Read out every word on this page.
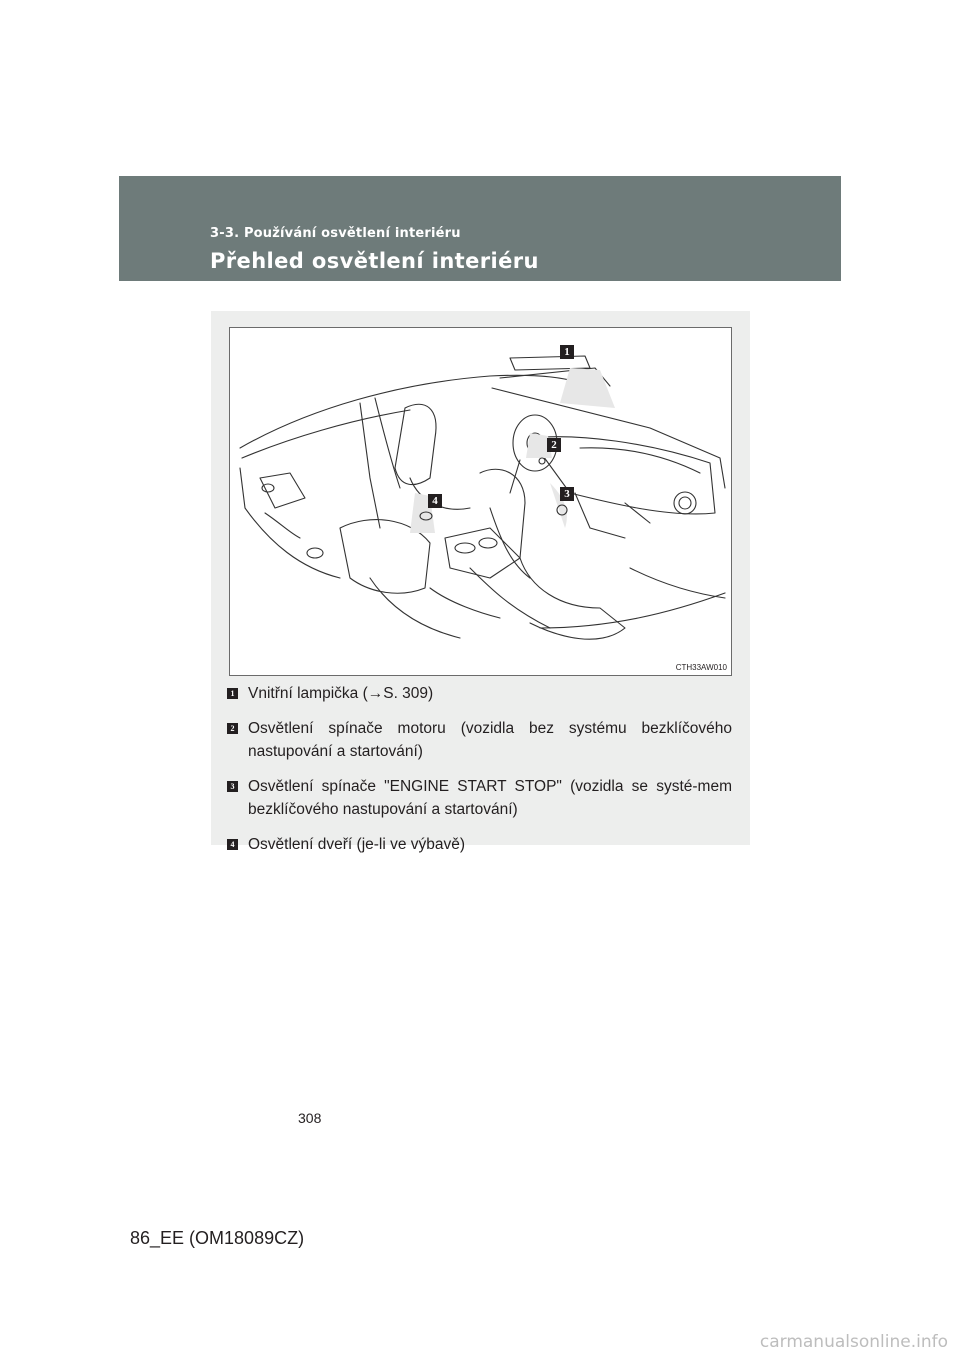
3-3. Používání osvětlení interiéru
Přehled osvětlení interiéru
1
2
3
4
CTH33AW010
1 Vnitřní lampička (→S. 309)
2 Osvětlení spínače motoru (vozidla bez systému bezklíčového nastupování a startování)
3 Osvětlení spínače "ENGINE START STOP" (vozidla se systé-mem bezklíčového nastupování a startování)
4 Osvětlení dveří (je-li ve výbavě)
308
86_EE (OM18089CZ)
carmanualsonline.info
